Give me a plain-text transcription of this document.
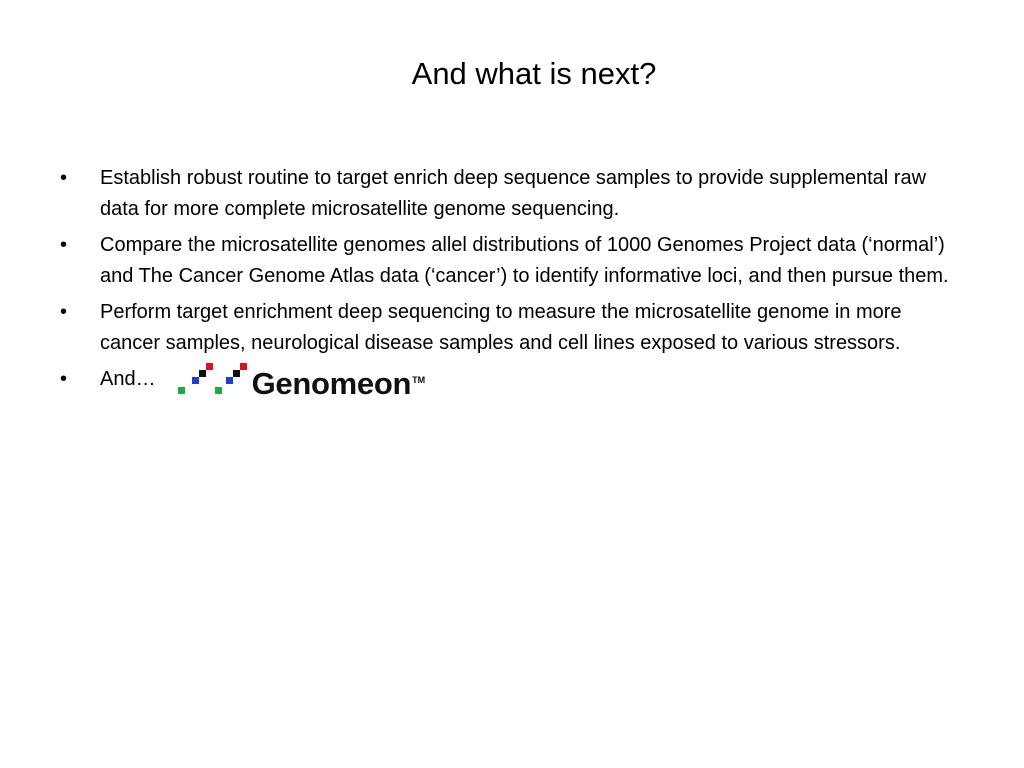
And what is next?
•	Establish robust routine to target enrich deep sequence samples to provide supplemental raw data for more complete microsatellite genome sequencing.
•	Compare the microsatellite genomes allel distributions of 1000 Genomes Project data (‘normal’) and The Cancer Genome Atlas data (‘cancer’) to identify informative loci, and then pursue them.
•	Perform target enrichment deep sequencing to measure the microsatellite genome in more cancer samples, neurological disease samples and cell lines exposed to various stressors.
•	And…	Genomeon TM
